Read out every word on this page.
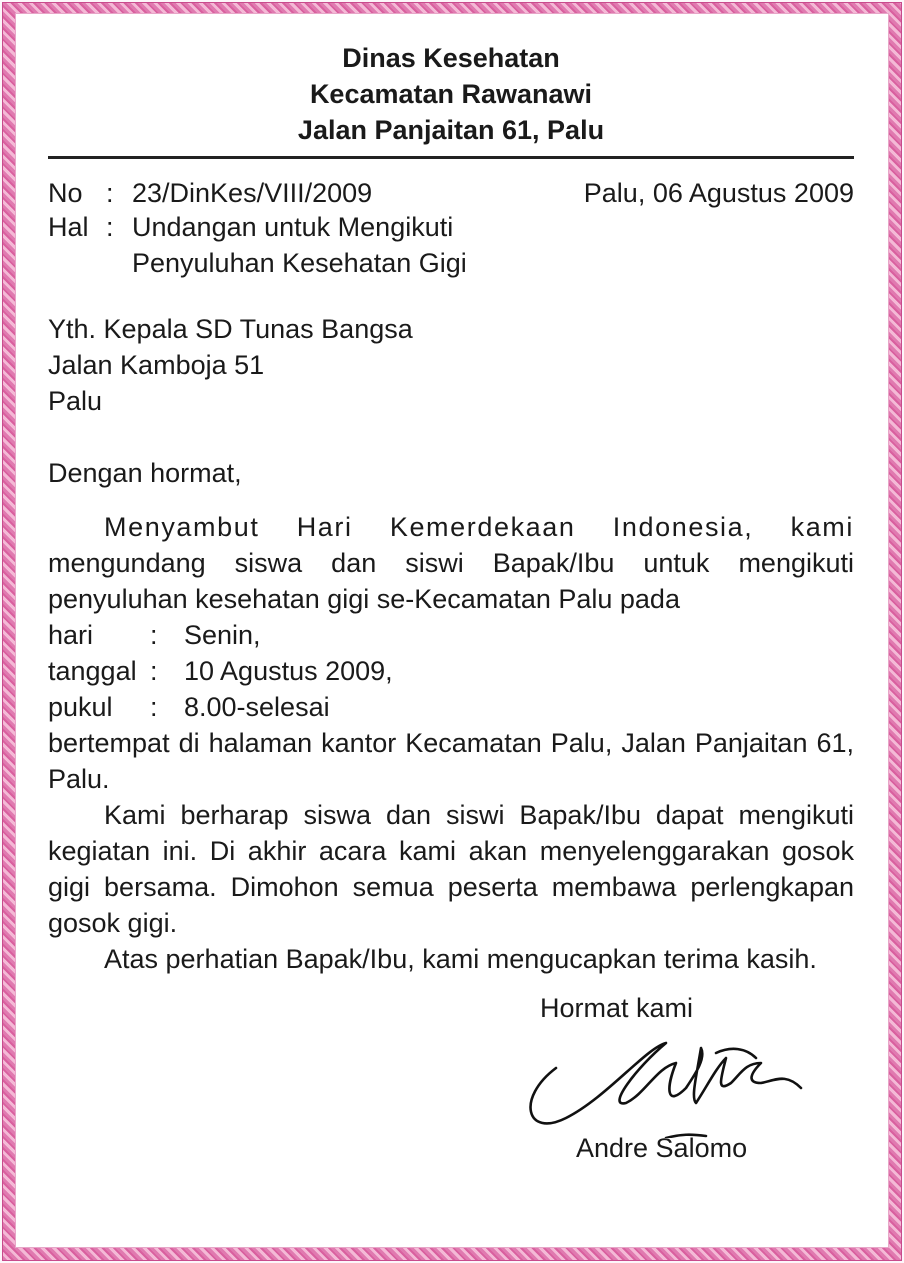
Dinas Kesehatan
Kecamatan Rawanawi
Jalan Panjaitan 61, Palu
No : 23/DinKes/VIII/2009	Palu, 06 Agustus 2009
Hal : Undangan untuk Mengikuti
Penyuluhan Kesehatan Gigi
Yth. Kepala SD Tunas Bangsa
Jalan Kamboja 51
Palu
Dengan hormat,
Menyambut Hari Kemerdekaan Indonesia, kami
mengundang siswa dan siswi Bapak/Ibu untuk mengikuti
penyuluhan kesehatan gigi se-Kecamatan Palu pada
hari : Senin,
tanggal : 10 Agustus 2009,
pukul : 8.00-selesai
bertempat di halaman kantor Kecamatan Palu, Jalan Panjaitan 61, Palu.
Kami berharap siswa dan siswi Bapak/Ibu dapat mengikuti kegiatan ini. Di akhir acara kami akan menyelenggarakan gosok gigi bersama. Dimohon semua peserta membawa perlengkapan gosok gigi.
Atas perhatian Bapak/Ibu, kami mengucapkan terima kasih.
Hormat kami
Andre Salomo
